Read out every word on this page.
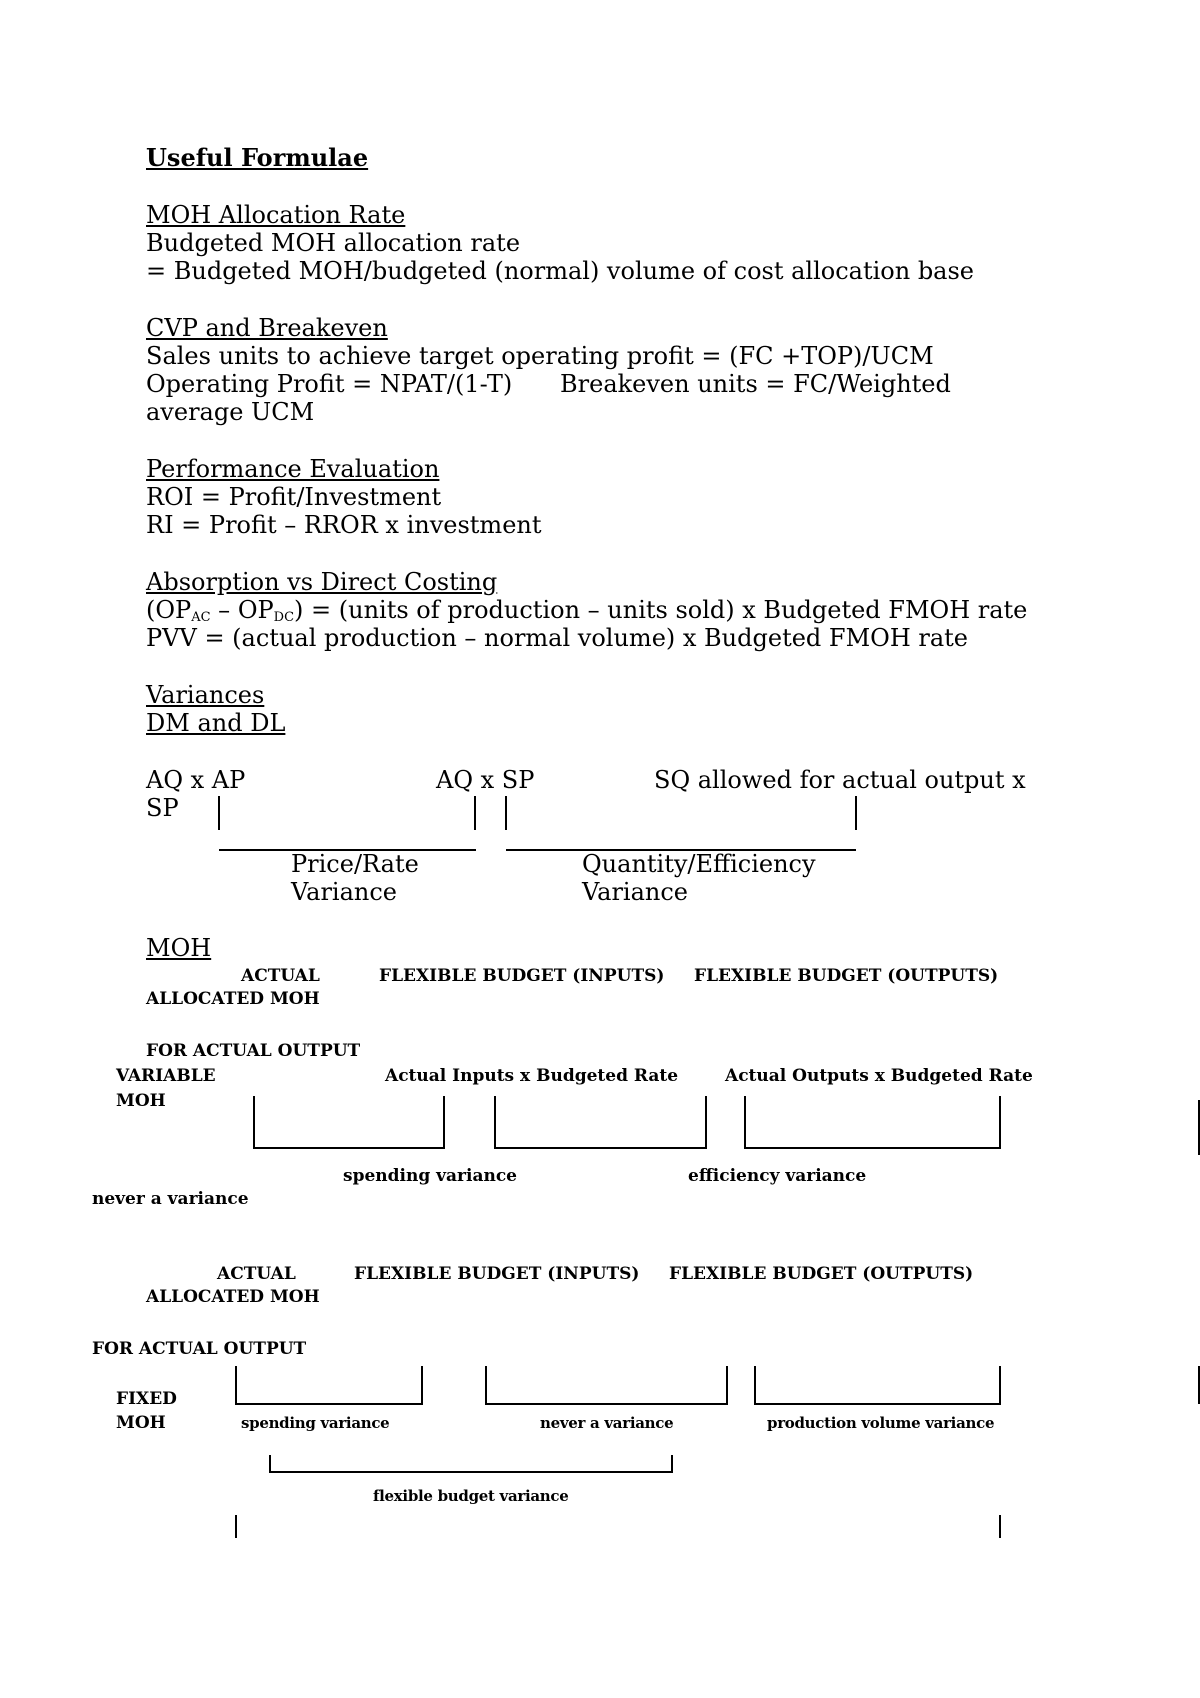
Useful Formulae
MOH Allocation Rate
Budgeted MOH allocation rate
= Budgeted MOH/budgeted (normal) volume of cost allocation base
CVP and Breakeven
Sales units to achieve target operating profit = (FC +TOP)/UCM
Operating Profit = NPAT/(1-T) Breakeven units = FC/Weighted
average UCM
Performance Evaluation
ROI = Profit/Investment
RI = Profit – RROR x investment
Absorption vs Direct Costing
$(OP_{AC} - OP_{DC})$ = (units of production – units sold) x Budgeted FMOH rate
PVV = (actual production – normal volume) x Budgeted FMOH rate
Variances
DM and DL
AQ x AP	AQ x SP	SQ allowed for actual output x
SP
Price/Rate
Variance
Quantity/Efficiency
Variance
MOH
ACTUAL	FLEXIBLE BUDGET (INPUTS) FLEXIBLE BUDGET (OUTPUTS)
ALLOCATED MOH
FOR ACTUAL OUTPUT
VARIABLE
MOH
Actual Inputs x Budgeted Rate	Actual Outputs x Budgeted Rate
spending variance	efficiency variance
never a variance
ACTUAL	FLEXIBLE BUDGET (INPUTS) FLEXIBLE BUDGET (OUTPUTS)
ALLOCATED MOH
FOR ACTUAL OUTPUT
FIXED
MOH	spending variance	never a variance	production volume variance
flexible budget variance
